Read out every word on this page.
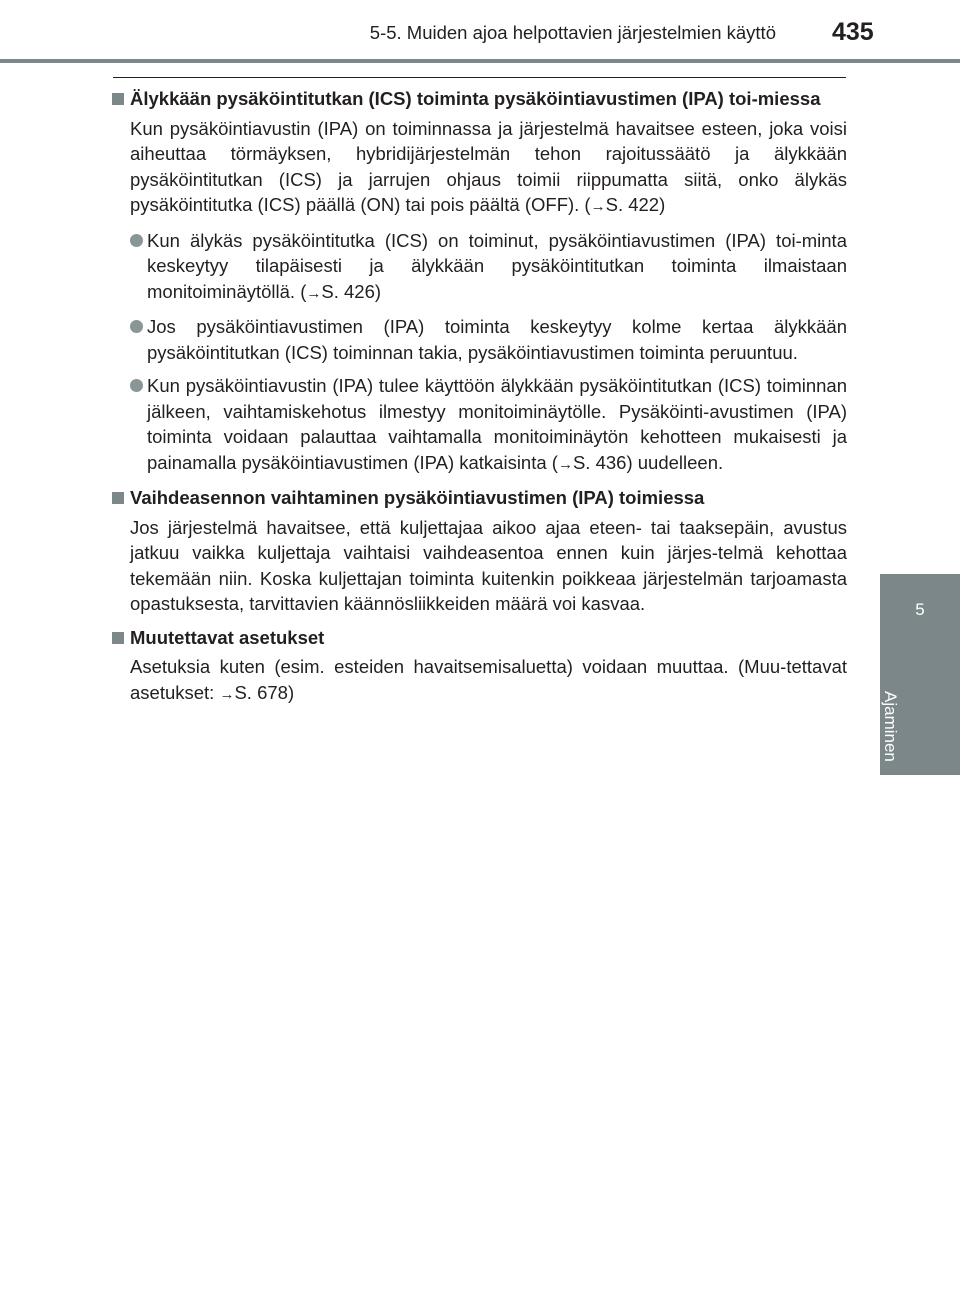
5-5. Muiden ajoa helpottavien järjestelmien käyttö 435
5
Ajaminen
Älykkään pysäköintitutkan (ICS) toiminta pysäköintiavustimen (IPA) toi-miessa
Kun pysäköintiavustin (IPA) on toiminnassa ja järjestelmä havaitsee esteen, joka voisi aiheuttaa törmäyksen, hybridijärjestelmän tehon rajoitussäätö ja älykkään pysäköintitutkan (ICS) ja jarrujen ohjaus toimii riippumatta siitä, onko älykäs pysäköintitutka (ICS) päällä (ON) tai pois päältä (OFF). (→S. 422)
Kun älykäs pysäköintitutka (ICS) on toiminut, pysäköintiavustimen (IPA) toi-minta keskeytyy tilapäisesti ja älykkään pysäköintitutkan toiminta ilmaistaan monitoiminäytöllä. (→S. 426)
Jos pysäköintiavustimen (IPA) toiminta keskeytyy kolme kertaa älykkään pysäköintitutkan (ICS) toiminnan takia, pysäköintiavustimen toiminta peruuntuu.
Kun pysäköintiavustin (IPA) tulee käyttöön älykkään pysäköintitutkan (ICS) toiminnan jälkeen, vaihtamiskehotus ilmestyy monitoiminäytölle. Pysäköinti-avustimen (IPA) toiminta voidaan palauttaa vaihtamalla monitoiminäytön kehotteen mukaisesti ja painamalla pysäköintiavustimen (IPA) katkaisinta (→S. 436) uudelleen.
Vaihdeasennon vaihtaminen pysäköintiavustimen (IPA) toimiessa
Jos järjestelmä havaitsee, että kuljettajaa aikoo ajaa eteen- tai taaksepäin, avustus jatkuu vaikka kuljettaja vaihtaisi vaihdeasentoa ennen kuin järjes-telmä kehottaa tekemään niin. Koska kuljettajan toiminta kuitenkin poikkeaa järjestelmän tarjoamasta opastuksesta, tarvittavien käännösliikkeiden määrä voi kasvaa.
Muutettavat asetukset
Asetuksia kuten (esim. esteiden havaitsemisaluetta) voidaan muuttaa. (Muu-tettavat asetukset: →S. 678)
